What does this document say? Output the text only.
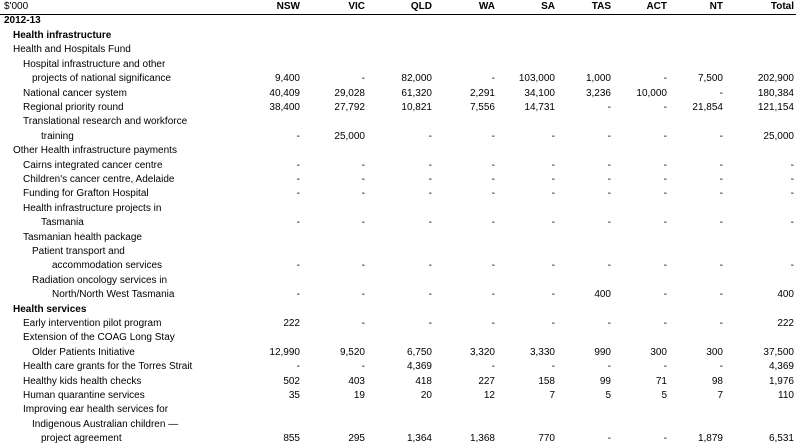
$'000	NSW	VIC	QLD	WA	SA	TAS	ACT	NT	Total
2012-13
Health infrastructure
Health and Hospitals Fund
Hospital infrastructure and other
projects of national significance	9,400	-	82,000	-	103,000	1,000	-	7,500	202,900
National cancer system	40,409	29,028	61,320	2,291	34,100	3,236	10,000	-	180,384
Regional priority round	38,400	27,792	10,821	7,556	14,731	-	-	21,854	121,154
Translational research and workforce
training	-	25,000	-	-	-	-	-	-	25,000
Other Health infrastructure payments
Cairns integrated cancer centre	-	-	-	-	-	-	-	-	-
Children's cancer centre, Adelaide	-	-	-	-	-	-	-	-	-
Funding for Grafton Hospital	-	-	-	-	-	-	-	-	-
Health infrastructure projects in
Tasmania	-	-	-	-	-	-	-	-	-
Tasmanian health package
Patient transport and
accommodation services	-	-	-	-	-	-	-	-	-
Radiation oncology services in
North/North West Tasmania	-	-	-	-	-	400	-	-	400
Health services
Early intervention pilot program	222	-	-	-	-	-	-	-	222
Extension of the COAG Long Stay
Older Patients Initiative	12,990	9,520	6,750	3,320	3,330	990	300	300	37,500
Health care grants for the Torres Strait	-	-	4,369	-	-	-	-	-	4,369
Healthy kids health checks	502	403	418	227	158	99	71	98	1,976
Human quarantine services	35	19	20	12	7	5	5	7	110
Improving ear health services for
Indigenous Australian children —
project agreement	855	295	1,364	1,368	770	-	-	1,879	6,531
